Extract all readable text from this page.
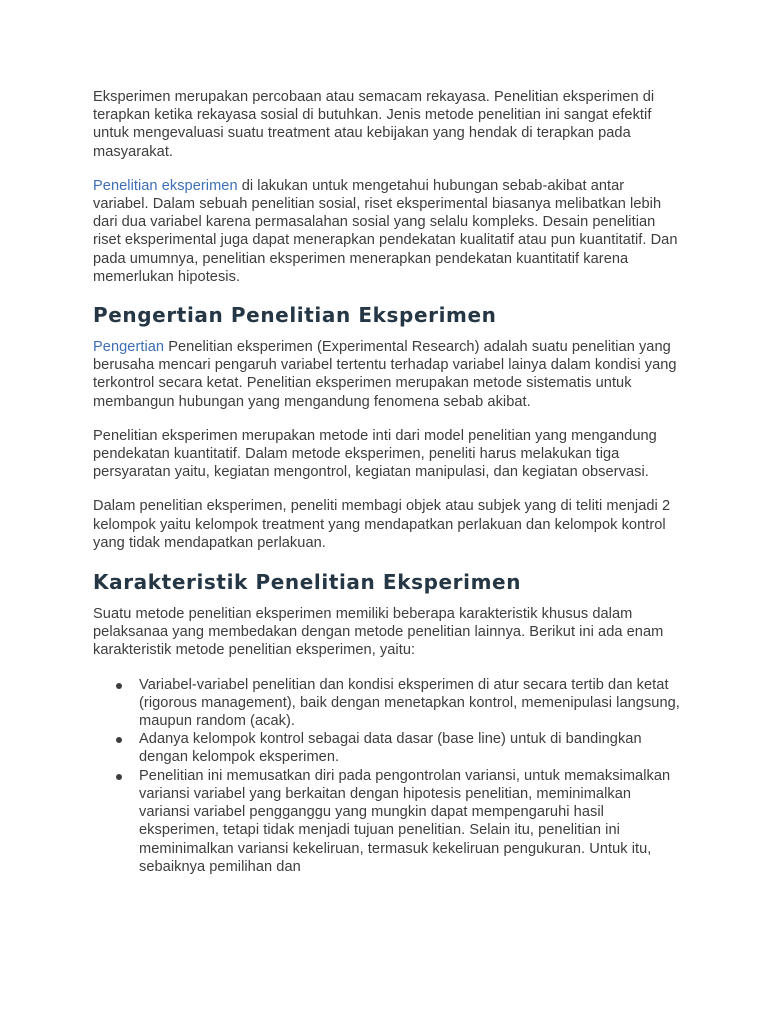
Eksperimen merupakan percobaan atau semacam rekayasa. Penelitian eksperimen di terapkan ketika rekayasa sosial di butuhkan. Jenis metode penelitian ini sangat efektif untuk mengevaluasi suatu treatment atau kebijakan yang hendak di terapkan pada masyarakat.

Penelitian eksperimen di lakukan untuk mengetahui hubungan sebab-akibat antar variabel. Dalam sebuah penelitian sosial, riset eksperimental biasanya melibatkan lebih dari dua variabel karena permasalahan sosial yang selalu kompleks. Desain penelitian riset eksperimental juga dapat menerapkan pendekatan kualitatif atau pun kuantitatif. Dan pada umumnya, penelitian eksperimen menerapkan pendekatan kuantitatif karena memerlukan hipotesis.

Pengertian Penelitian Eksperimen

Pengertian Penelitian eksperimen (Experimental Research) adalah suatu penelitian yang berusaha mencari pengaruh variabel tertentu terhadap variabel lainya dalam kondisi yang terkontrol secara ketat. Penelitian eksperimen merupakan metode sistematis untuk membangun hubungan yang mengandung fenomena sebab akibat.

Penelitian eksperimen merupakan metode inti dari model penelitian yang mengandung pendekatan kuantitatif. Dalam metode eksperimen, peneliti harus melakukan tiga persyaratan yaitu, kegiatan mengontrol, kegiatan manipulasi, dan kegiatan observasi.

Dalam penelitian eksperimen, peneliti membagi objek atau subjek yang di teliti menjadi 2 kelompok yaitu kelompok treatment yang mendapatkan perlakuan dan kelompok kontrol yang tidak mendapatkan perlakuan.

Karakteristik Penelitian Eksperimen

Suatu metode penelitian eksperimen memiliki beberapa karakteristik khusus dalam pelaksanaa yang membedakan dengan metode penelitian lainnya. Berikut ini ada enam karakteristik metode penelitian eksperimen, yaitu:

Variabel-variabel penelitian dan kondisi eksperimen di atur secara tertib dan ketat (rigorous management), baik dengan menetapkan kontrol, memenipulasi langsung, maupun random (acak).
Adanya kelompok kontrol sebagai data dasar (base line) untuk di bandingkan dengan kelompok eksperimen.
Penelitian ini memusatkan diri pada pengontrolan variansi, untuk memaksimalkan variansi variabel yang berkaitan dengan hipotesis penelitian, meminimalkan variansi variabel pengganggu yang mungkin dapat mempengaruhi hasil eksperimen, tetapi tidak menjadi tujuan penelitian. Selain itu, penelitian ini meminimalkan variansi kekeliruan, termasuk kekeliruan pengukuran. Untuk itu, sebaiknya pemilihan dan
